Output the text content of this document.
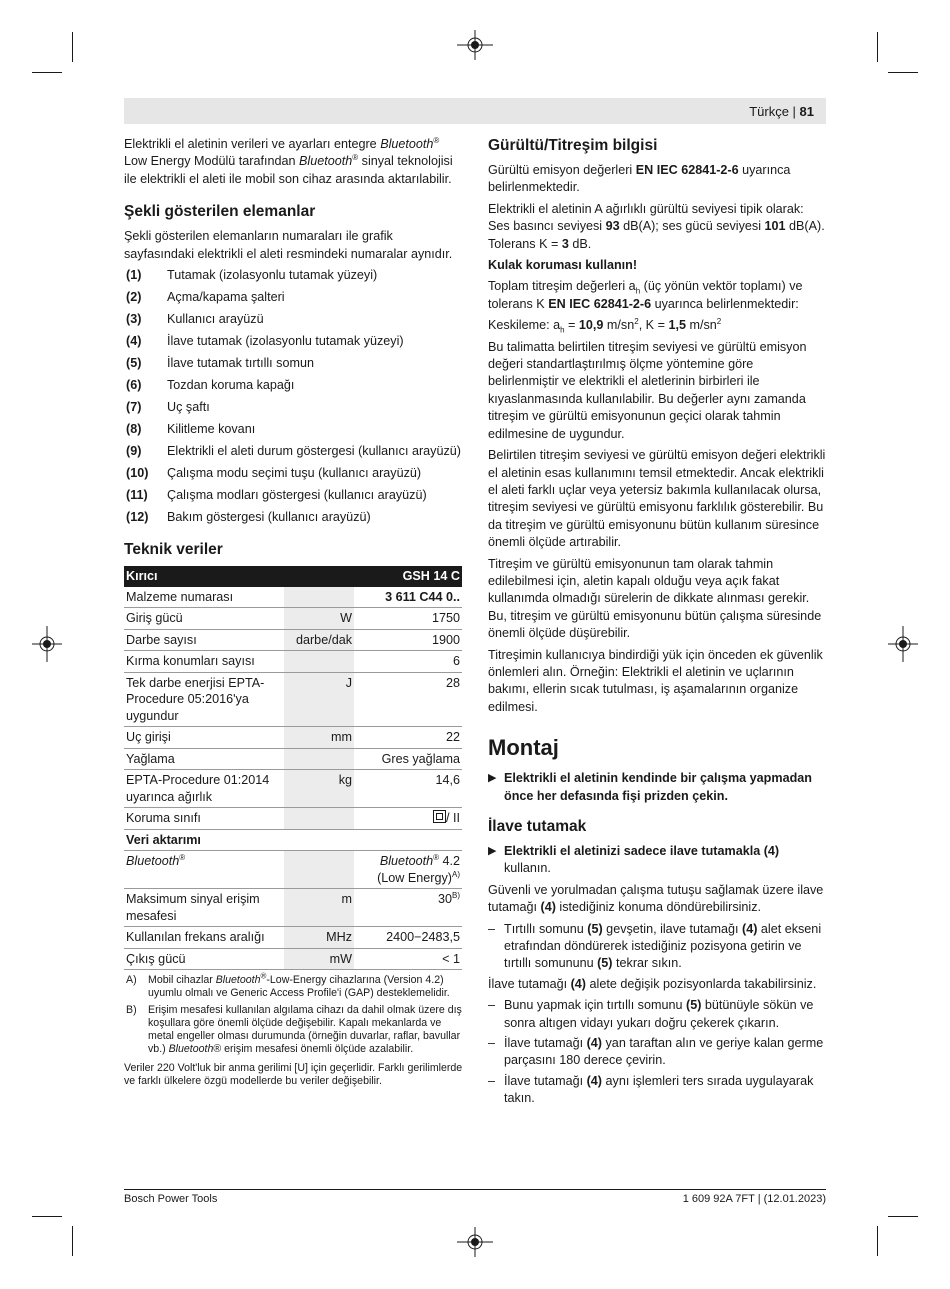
Türkçe | 81

Elektrikli el aletinin verileri ve ayarları entegre Bluetooth® Low Energy Modülü tarafından Bluetooth® sinyal teknolojisi ile elektrikli el aleti ile mobil son cihaz arasında aktarılabilir.

Şekli gösterilen elemanlar

Şekli gösterilen elemanların numaraları ile grafik sayfasındaki elektrikli el aleti resmindeki numaralar aynıdır.

(1) Tutamak (izolasyonlu tutamak yüzeyi)
(2) Açma/kapama şalteri
(3) Kullanıcı arayüzü
(4) İlave tutamak (izolasyonlu tutamak yüzeyi)
(5) İlave tutamak tırtıllı somun
(6) Tozdan koruma kapağı
(7) Uç şaftı
(8) Kilitleme kovanı
(9) Elektrikli el aleti durum göstergesi (kullanıcı arayüzü)
(10) Çalışma modu seçimi tuşu (kullanıcı arayüzü)
(11) Çalışma modları göstergesi (kullanıcı arayüzü)
(12) Bakım göstergesi (kullanıcı arayüzü)
Teknik veriler
Kırıcı		GSH 14 C
Malzeme numarası		3 611 C44 0..
Giriş gücü	W	1750
Darbe sayısı	darbe/dak	1900
Kırma konumları sayısı		6
Tek darbe enerjisi EPTA-Procedure 05:2016'ya uygundur	J	28
Uç girişi	mm	22
Yağlama		Gres yağlama
EPTA-Procedure 01:2014 uyarınca ağırlık	kg	14,6
Koruma sınıfı		/ II
Veri aktarımı		
Bluetooth®		Bluetooth® 4.2
(Low Energy)$^{A)}$
Maksimum sinyal erişim mesafesi	m	$30^{B)}$
Kullanılan frekans aralığı	MHz	2400−2483,5
Çıkış gücü	mW	< 1
A) Mobil cihazlar Bluetooth®-Low-Energy cihazlarına (Version 4.2) uyumlu olmalı ve Generic Access Profile'i (GAP) desteklemelidir.
B) Erişim mesafesi kullanılan algılama cihazı da dahil olmak üzere dış koşullara göre önemli ölçüde değişebilir. Kapalı mekanlarda ve metal engeller olması durumunda (örneğin duvarlar, raflar, bavullar vb.) Bluetooth® erişim mesafesi önemli ölçüde azalabilir.
Veriler 220 Volt'luk bir anma gerilimi [U] için geçerlidir. Farklı gerilimlerde ve farklı ülkelere özgü modellerde bu veriler değişebilir.
Gürültü/Titreşim bilgisi

Gürültü emisyon değerleri EN IEC 62841-2-6 uyarınca belirlenmektedir.

Elektrikli el aletinin A ağırlıklı gürültü seviyesi tipik olarak: Ses basıncı seviyesi 93 dB(A); ses gücü seviyesi 101 dB(A). Tolerans K = 3 dB.

Kulak koruması kullanın!

Toplam titreşim değerleri $a_h$ (üç yönün vektör toplamı) ve tolerans K EN IEC 62841-2-6 uyarınca belirlenmektedir:

Keskileme: $a_h = 10,9$ $m/sn^2$, K = 1,5 $m/sn^2$

Bu talimatta belirtilen titreşim seviyesi ve gürültü emisyon değeri standartlaştırılmış ölçme yöntemine göre belirlenmiştir ve elektrikli el aletlerinin birbirleri ile kıyaslanmasında kullanılabilir. Bu değerler aynı zamanda titreşim ve gürültü emisyonunun geçici olarak tahmin edilmesine de uygundur.

Belirtilen titreşim seviyesi ve gürültü emisyon değeri elektrikli el aletinin esas kullanımını temsil etmektedir. Ancak elektrikli el aleti farklı uçlar veya yetersiz bakımla kullanılacak olursa, titreşim seviyesi ve gürültü emisyonu farklılık gösterebilir. Bu da titreşim ve gürültü emisyonunu bütün kullanım süresince önemli ölçüde artırabilir.

Titreşim ve gürültü emisyonunun tam olarak tahmin edilebilmesi için, aletin kapalı olduğu veya açık fakat kullanımda olmadığı sürelerin de dikkate alınması gerekir. Bu, titreşim ve gürültü emisyonunu bütün çalışma süresinde önemli ölçüde düşürebilir.

Titreşimin kullanıcıya bindirdiği yük için önceden ek güvenlik önlemleri alın. Örneğin: Elektrikli el aletinin ve uçlarının bakımı, ellerin sıcak tutulması, iş aşamalarının organize edilmesi.

Montaj
▶ Elektrikli el aletinin kendinde bir çalışma yapmadan önce her defasında fişi prizden çekin.
İlave tutamak
▶ Elektrikli el aletinizi sadece ilave tutamakla (4) kullanın.

Güvenli ve yorulmadan çalışma tutuşu sağlamak üzere ilave tutamağı (4) istediğiniz konuma döndürebilirsiniz.

– Tırtıllı somunu (5) gevşetin, ilave tutamağı (4) alet ekseni etrafından döndürerek istediğiniz pozisyona getirin ve tırtıllı somununu (5) tekrar sıkın.

İlave tutamağı (4) alete değişik pozisyonlarda takabilirsiniz.

– Bunu yapmak için tırtıllı somunu (5) bütünüyle sökün ve sonra altıgen vidayı yukarı doğru çekerek çıkarın.
– İlave tutamağı (4) yan taraftan alın ve geriye kalan germe parçasını 180 derece çevirin.
– İlave tutamağı (4) aynı işlemleri ters sırada uygulayarak takın.
Bosch Power Tools	1 609 92A 7FT | (12.01.2023)
